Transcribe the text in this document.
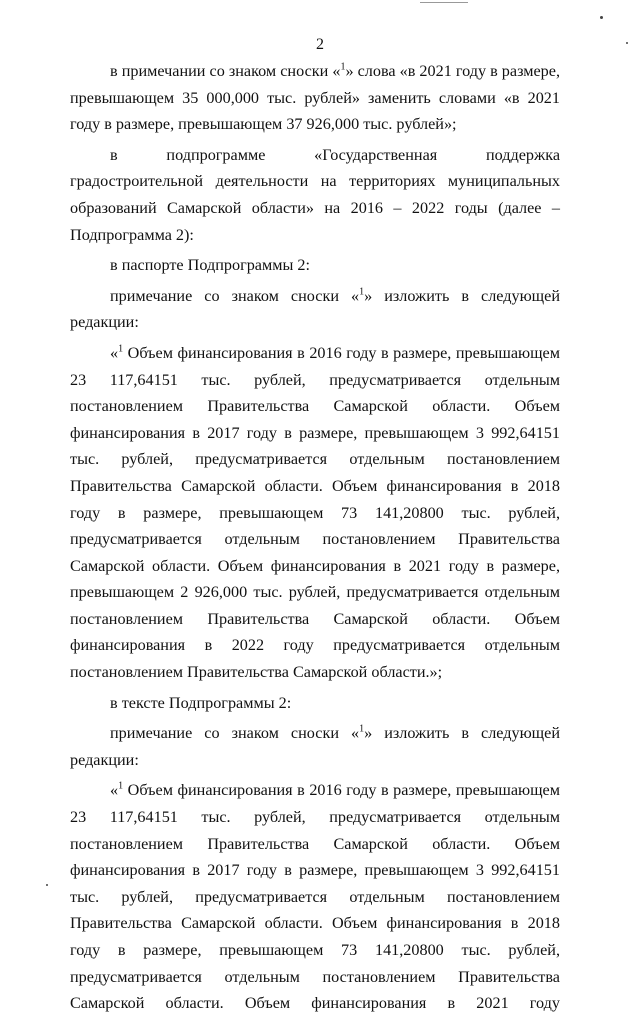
2

в примечании со знаком сноски «$^1$» слова «в 2021 году в размере, превышающем 35 000,000 тыс. рублей» заменить словами «в 2021 году в размере, превышающем 37 926,000 тыс. рублей»;

в подпрограмме «Государственная поддержка градостроительной деятельности на территориях муниципальных образований Самарской области» на 2016 – 2022 годы (далее – Подпрограмма 2):

в паспорте Подпрограммы 2:

примечание со знаком сноски «$^1$» изложить в следующей редакции:

«$^1$ Объем финансирования в 2016 году в размере, превышающем 23 117,64151 тыс. рублей, предусматривается отдельным постановлением Правительства Самарской области. Объем финансирования в 2017 году в размере, превышающем 3 992,64151 тыс. рублей, предусматривается отдельным постановлением Правительства Самарской области. Объем финансирования в 2018 году в размере, превышающем 73 141,20800 тыс. рублей, предусматривается отдельным постановлением Правительства Самарской области. Объем финансирования в 2021 году в размере, превышающем 2 926,000 тыс. рублей, предусматривается отдельным постановлением Правительства Самарской области. Объем финансирования в 2022 году предусматривается отдельным постановлением Правительства Самарской области.»;

в тексте Подпрограммы 2:

примечание со знаком сноски «$^1$» изложить в следующей редакции:

«$^1$ Объем финансирования в 2016 году в размере, превышающем 23 117,64151 тыс. рублей, предусматривается отдельным постановлением Правительства Самарской области. Объем финансирования в 2017 году в размере, превышающем 3 992,64151 тыс. рублей, предусматривается отдельным постановлением Правительства Самарской области. Объем финансирования в 2018 году в размере, превышающем 73 141,20800 тыс. рублей, предусматривается отдельным постановлением Правительства Самарской области. Объем финансирования в 2021 году
